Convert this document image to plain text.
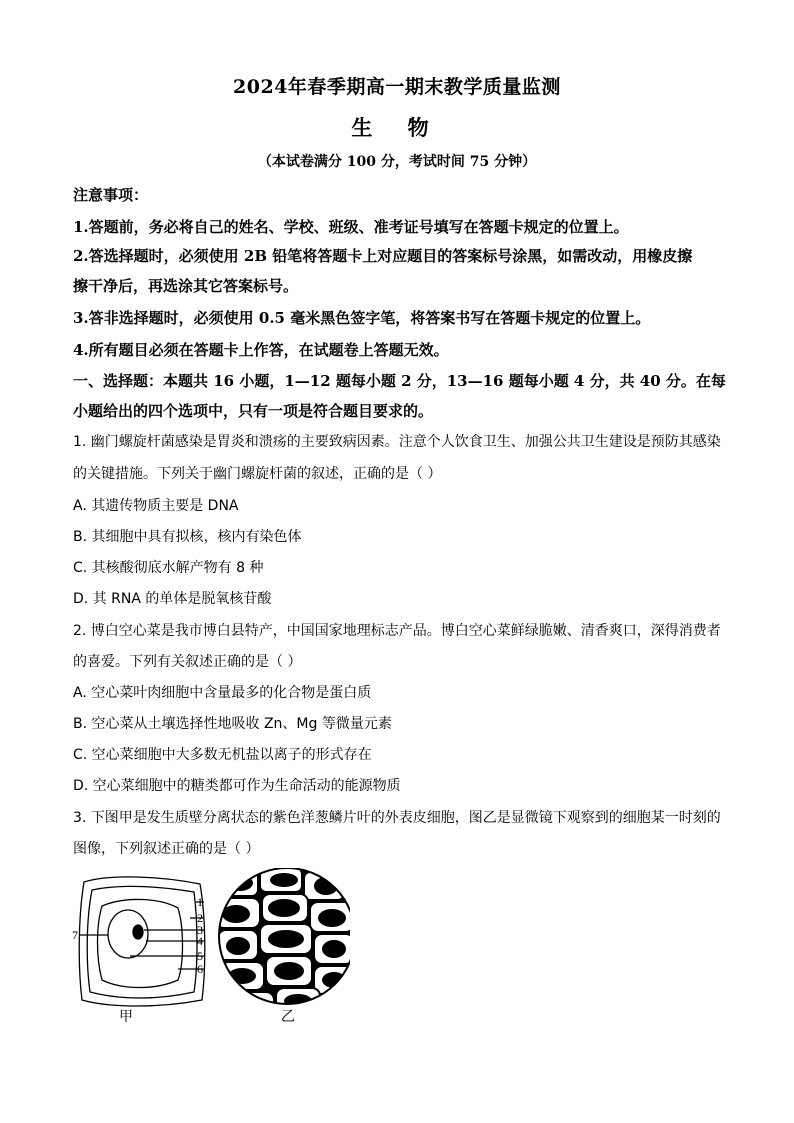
2024年春季期高一期末教学质量监测
生 物
（本试卷满分 100 分，考试时间 75 分钟）
注意事项：
1.答题前，务必将自己的姓名、学校、班级、准考证号填写在答题卡规定的位置上。
2.答选择题时，必须使用 2B 铅笔将答题卡上对应题目的答案标号涂黑，如需改动，用橡皮擦
擦干净后，再选涂其它答案标号。
3.答非选择题时，必须使用 0.5 毫米黑色签字笔，将答案书写在答题卡规定的位置上。
4.所有题目必须在答题卡上作答，在试题卷上答题无效。
一、选择题：本题共 16 小题，1—12 题每小题 2 分，13—16 题每小题 4 分，共 40 分。在每
小题给出的四个选项中，只有一项是符合题目要求的。
1. 幽门螺旋杆菌感染是胃炎和溃疡的主要致病因素。注意个人饮食卫生、加强公共卫生建设是预防其感染
的关键措施。下列关于幽门螺旋杆菌的叙述，正确的是（ ）
A. 其遗传物质主要是 DNA
B. 其细胞中具有拟核，核内有染色体
C. 其核酸彻底水解产物有 8 种
D. 其 RNA 的单体是脱氧核苷酸
2. 博白空心菜是我市博白县特产，中国国家地理标志产品。博白空心菜鲜绿脆嫩、清香爽口，深得消费者
的喜爱。下列有关叙述正确的是（ ）
A. 空心菜叶肉细胞中含量最多的化合物是蛋白质
B. 空心菜从土壤选择性地吸收 Zn、Mg 等微量元素
C. 空心菜细胞中大多数无机盐以离子的形式存在
D. 空心菜细胞中的糖类都可作为生命活动的能源物质
3. 下图甲是发生质壁分离状态的紫色洋葱鳞片叶的外表皮细胞，图乙是显微镜下观察到的细胞某一时刻的
图像，下列叙述正确的是（ ）
1
2
3
4
5
6
7
甲	乙
